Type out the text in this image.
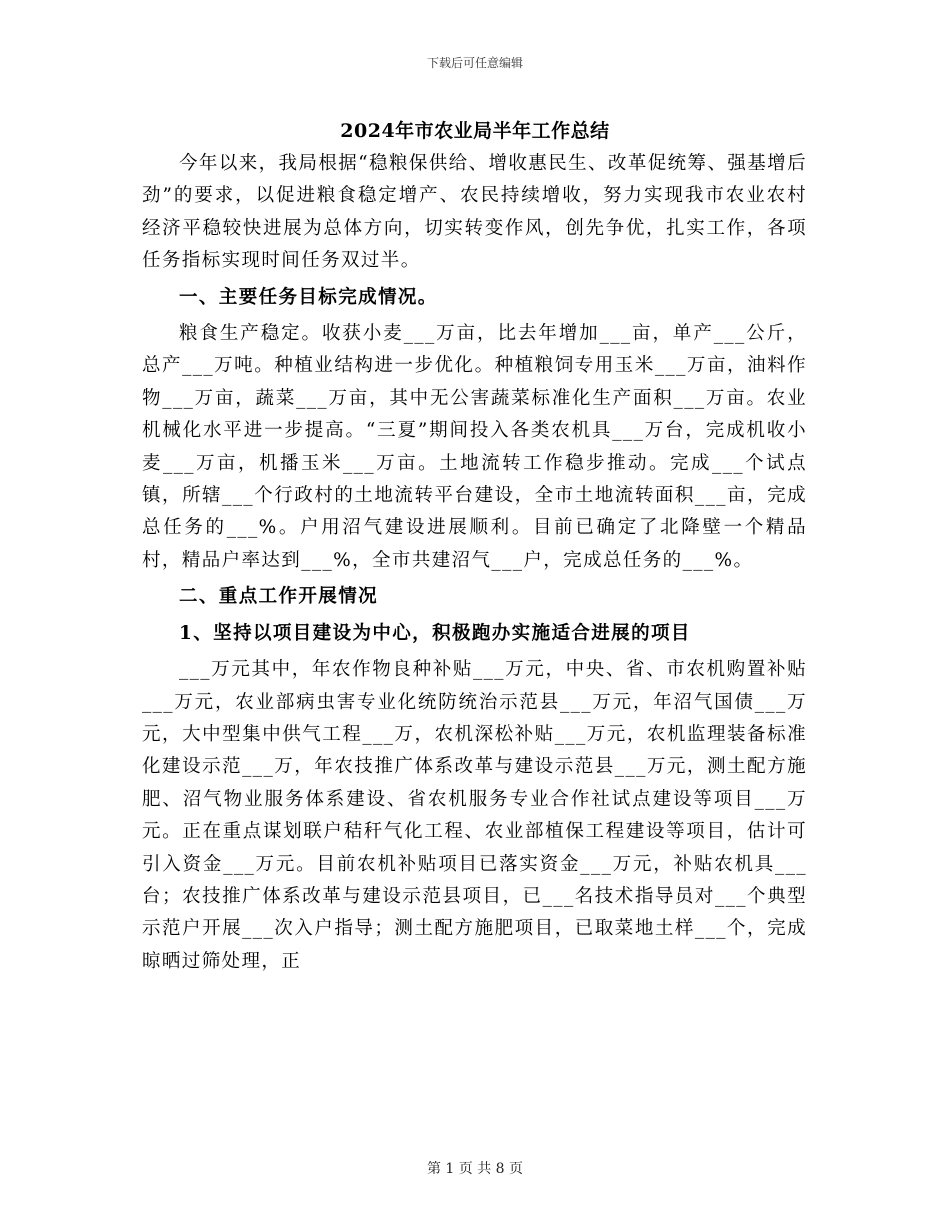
下载后可任意编辑
2024年市农业局半年工作总结

今年以来，我局根据“稳粮保供给、增收惠民生、改革促统筹、强基增后劲”的要求，以促进粮食稳定增产、农民持续增收，努力实现我市农业农村经济平稳较快进展为总体方向，切实转变作风，创先争优，扎实工作，各项任务指标实现时间任务双过半。

一、主要任务目标完成情况。

粮食生产稳定。收获小麦___万亩，比去年增加___亩，单产___公斤，总产___万吨。种植业结构进一步优化。种植粮饲专用玉米___万亩，油料作物___万亩，蔬菜___万亩，其中无公害蔬菜标准化生产面积___万亩。农业机械化水平进一步提高。“三夏”期间投入各类农机具___万台，完成机收小麦___万亩，机播玉米___万亩。土地流转工作稳步推动。完成___个试点镇，所辖___个行政村的土地流转平台建设，全市土地流转面积___亩，完成总任务的___%。户用沼气建设进展顺利。目前已确定了北降壁一个精品村，精品户率达到___%，全市共建沼气___户，完成总任务的___%。

二、重点工作开展情况

1、坚持以项目建设为中心，积极跑办实施适合进展的项目

___万元其中，年农作物良种补贴___万元，中央、省、市农机购置补贴___万元，农业部病虫害专业化统防统治示范县___万元，年沼气国债___万元，大中型集中供气工程___万，农机深松补贴___万元，农机监理装备标准化建设示范___万，年农技推广体系改革与建设示范县___万元，测土配方施肥、沼气物业服务体系建设、省农机服务专业合作社试点建设等项目___万元。正在重点谋划联户秸秆气化工程、农业部植保工程建设等项目，估计可引入资金___万元。目前农机补贴项目已落实资金___万元，补贴农机具___台；农技推广体系改革与建设示范县项目，已___名技术指导员对___个典型示范户开展___次入户指导；测土配方施肥项目，已取菜地土样___个，完成晾晒过筛处理，正

第 1 页 共 8 页
